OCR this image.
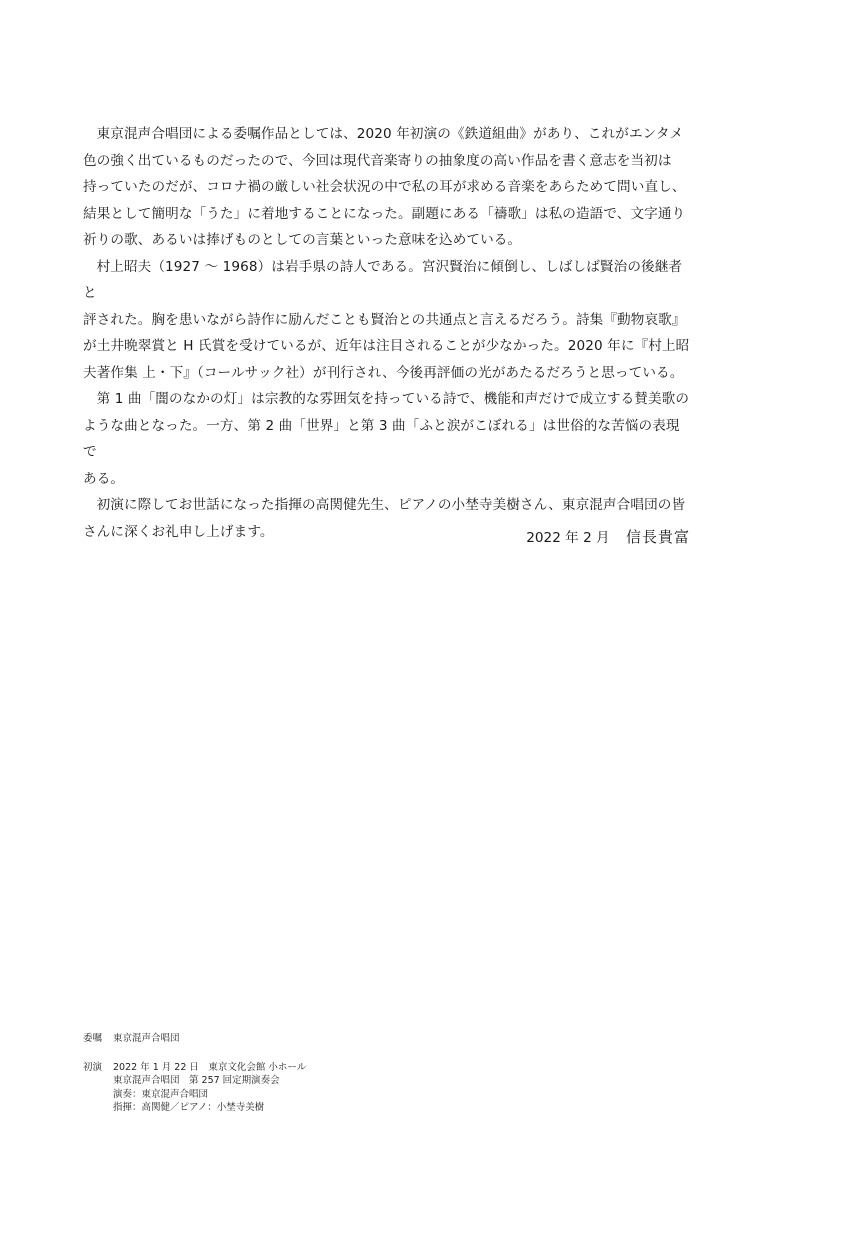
東京混声合唱団による委嘱作品としては、2020 年初演の《鉄道組曲》があり、これがエンタメ
色の強く出ているものだったので、今回は現代音楽寄りの抽象度の高い作品を書く意志を当初は
持っていたのだが、コロナ禍の厳しい社会状況の中で私の耳が求める音楽をあらためて問い直し、
結果として簡明な「うた」に着地することになった。副題にある「禱歌」は私の造語で、文字通り
祈りの歌、あるいは捧げものとしての言葉といった意味を込めている。

村上昭夫（1927 〜 1968）は岩手県の詩人である。宮沢賢治に傾倒し、しばしば賢治の後継者と
評された。胸を患いながら詩作に励んだことも賢治との共通点と言えるだろう。詩集『動物哀歌』
が土井晩翠賞と H 氏賞を受けているが、近年は注目されることが少なかった。2020 年に『村上昭
夫著作集 上・下』（コールサック社）が刊行され、今後再評価の光があたるだろうと思っている。

第 1 曲「闇のなかの灯」は宗教的な雰囲気を持っている詩で、機能和声だけで成立する賛美歌の
ような曲となった。一方、第 2 曲「世界」と第 3 曲「ふと涙がこぼれる」は世俗的な苦悩の表現で
ある。

初演に際してお世話になった指揮の高関健先生、ピアノの小埜寺美樹さん、東京混声合唱団の皆
さんに深くお礼申し上げます。	2022 年 2 月 信長貴富
委嘱	東京混声合唱団
初演	2022 年 1 月 22 日　東京文化会館 小ホール
東京混声合唱団　第 257 回定期演奏会
演奏：東京混声合唱団
指揮：高関健／ピアノ：小埜寺美樹
